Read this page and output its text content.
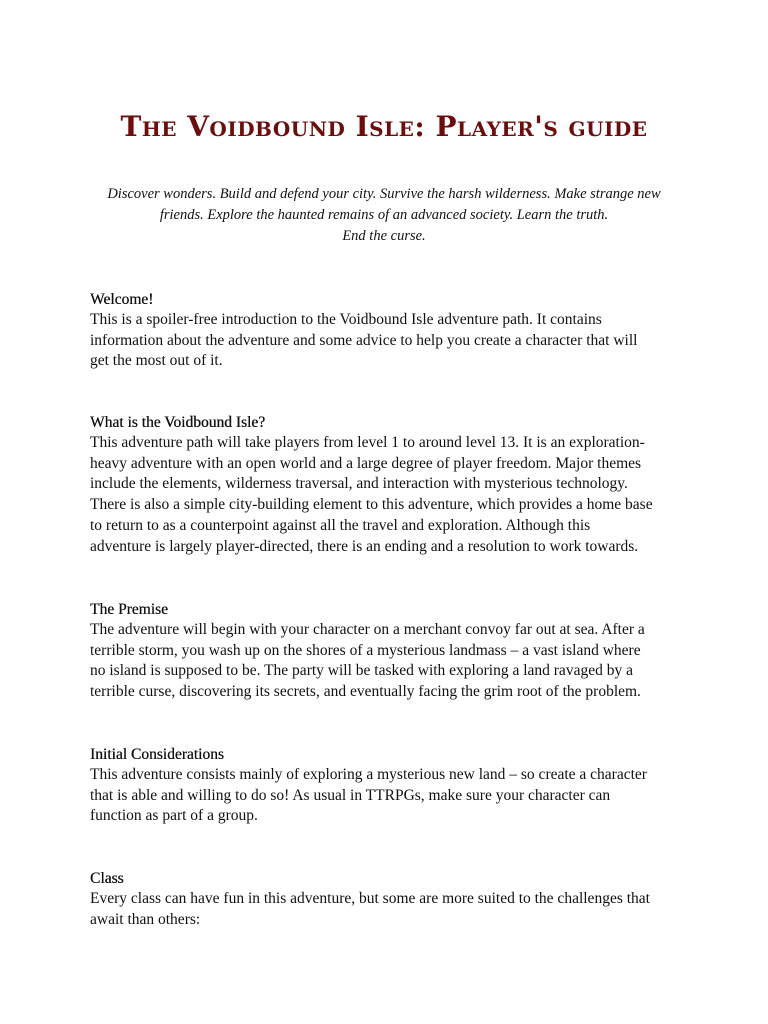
The Voidbound Isle: Player's guide
Discover wonders. Build and defend your city. Survive the harsh wilderness. Make strange new
friends. Explore the haunted remains of an advanced society. Learn the truth.
End the curse.
Welcome!

This is a spoiler-free introduction to the Voidbound Isle adventure path. It contains
information about the adventure and some advice to help you create a character that will
get the most out of it.

What is the Voidbound Isle?

This adventure path will take players from level 1 to around level 13. It is an exploration-
heavy adventure with an open world and a large degree of player freedom. Major themes
include the elements, wilderness traversal, and interaction with mysterious technology.
There is also a simple city-building element to this adventure, which provides a home base
to return to as a counterpoint against all the travel and exploration. Although this
adventure is largely player-directed, there is an ending and a resolution to work towards.

The Premise

The adventure will begin with your character on a merchant convoy far out at sea. After a
terrible storm, you wash up on the shores of a mysterious landmass – a vast island where
no island is supposed to be. The party will be tasked with exploring a land ravaged by a
terrible curse, discovering its secrets, and eventually facing the grim root of the problem.

Initial Considerations

This adventure consists mainly of exploring a mysterious new land – so create a character
that is able and willing to do so! As usual in TTRPGs, make sure your character can
function as part of a group.

Class

Every class can have fun in this adventure, but some are more suited to the challenges that
await than others:
